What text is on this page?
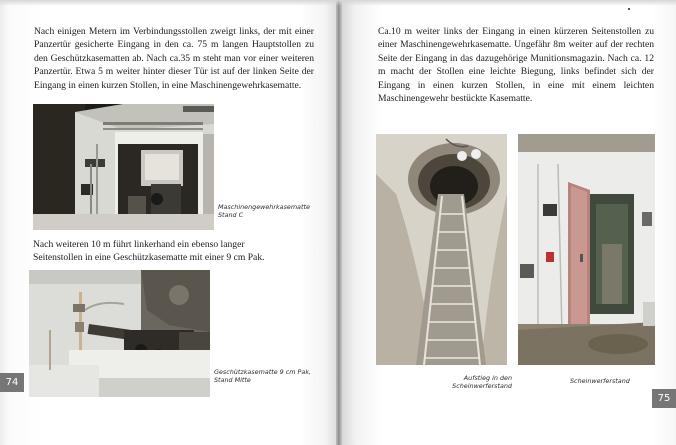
Nach einigen Metern im Verbindungsstollen zweigt links, der mit einer Panzertür gesicherte Eingang in den ca. 75 m langen Hauptstollen zu den Geschützkasematten ab. Nach ca.35 m steht man vor einer weiteren Panzertür. Etwa 5 m weiter hinter dieser Tür ist auf der linken Seite der Eingang in einen kurzen Stollen, in eine Maschinengewehrkasematte.

Maschinengewehrkasematte Stand C

Nach weiteren 10 m führt linkerhand ein ebenso langer Seitenstollen in eine Geschützkasematte mit einer 9 cm Pak.

Geschützkasematte 9 cm Pak, Stand Mitte

74

Ca.10 m weiter links der Eingang in einen kürzeren Seitenstollen zu einer Maschinengewehrkasematte. Ungefähr 8m weiter auf der rechten Seite der Eingang in das dazugehörige Munitionsmagazin. Nach ca. 12 m macht der Stollen eine leichte Biegung, links befindet sich der Eingang in einen kurzen Stollen, in eine mit einem leichten Maschinengewehr bestückte Kasematte.

Aufstieg in den Scheinwerferstand

Scheinwerferstand

75
